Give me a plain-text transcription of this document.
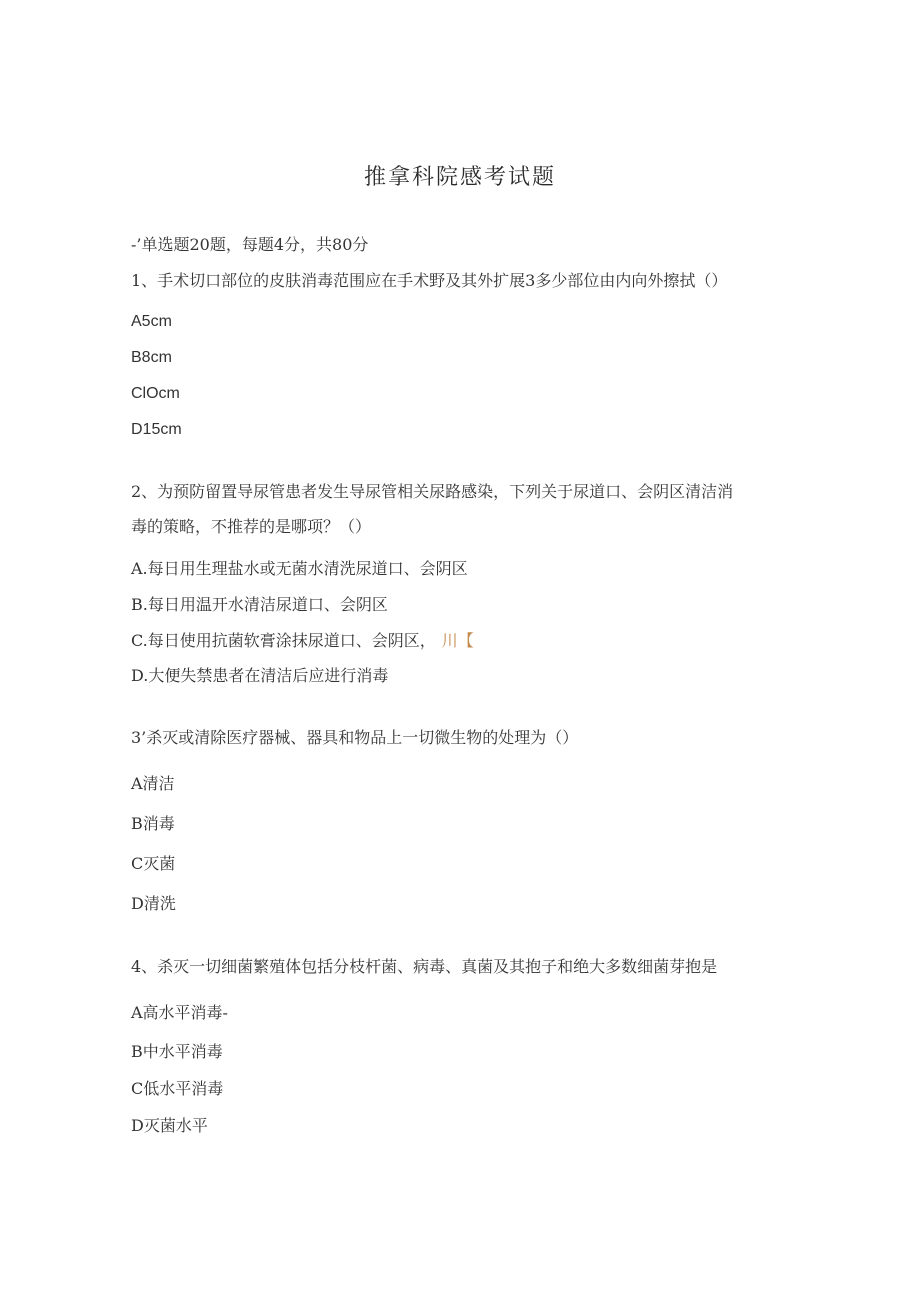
推拿科院感考试题
-’单选题20题，每题4分，共80分
1、手术切口部位的皮肤消毒范围应在手术野及其外扩展3多少部位由内向外擦拭（）
A5cm
B8cm
ClOcm
D15cm
2、为预防留置导尿管患者发生导尿管相关尿路感染，下列关于尿道口、会阴区清洁消
毒的策略，不推荐的是哪项？（）
A.每日用生理盐水或无菌水清洗尿道口、会阴区
B.每日用温开水清洁尿道口、会阴区
C.每日使用抗菌软膏涂抹尿道口、会阴区， 川【
D.大便失禁患者在清洁后应进行消毒
3’杀灭或清除医疗器械、器具和物品上一切微生物的处理为（）
A清洁
B消毒
C灭菌
D清洗
4、杀灭一切细菌繁殖体包括分枝杆菌、病毒、真菌及其抱子和绝大多数细菌芽抱是
A高水平消毒-
B中水平消毒
C低水平消毒
D灭菌水平
